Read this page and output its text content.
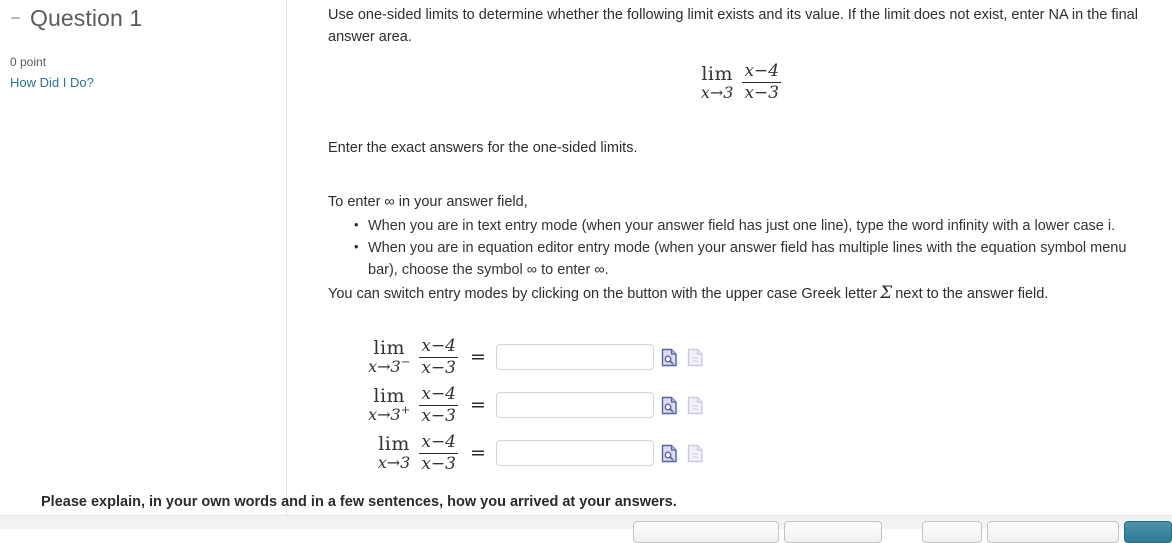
Question 1
0 point
How Did I Do?
Use one-sided limits to determine whether the following limit exists and its value. If the limit does not exist, enter NA in the final answer area.
lim
$x\to 3 \frac{x-4}{x-3}$
Enter the exact answers for the one-sided limits.
To enter ∞ in your answer field,
• When you are in text entry mode (when your answer field has just one line), type the word infinity with a lower case i.
• When you are in equation editor entry mode (when your answer field has multiple lines with the equation symbol menu bar), choose the symbol ∞ to enter ∞.
You can switch entry modes by clicking on the button with the upper case Greek letter Σ next to the answer field.
lim
$x\to 3^- \frac{x-4}{x-3}$ =
lim
$x\to 3^+ \frac{x-4}{x-3}$ =
lim
$x\to 3 \frac{x-4}{x-3}$ =
Please explain, in your own words and in a few sentences, how you arrived at your answers.
